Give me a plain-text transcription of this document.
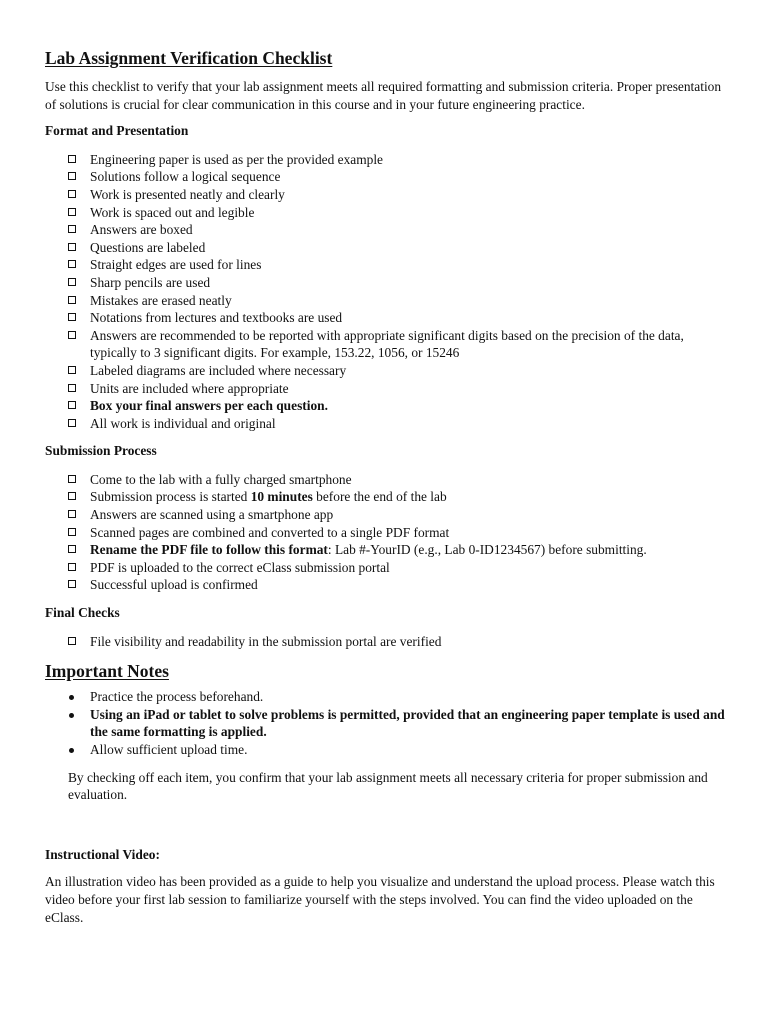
Lab Assignment Verification Checklist

Use this checklist to verify that your lab assignment meets all required formatting and submission criteria. Proper presentation of solutions is crucial for clear communication in this course and in your future engineering practice.

Format and Presentation
Engineering paper is used as per the provided example
Solutions follow a logical sequence
Work is presented neatly and clearly
Work is spaced out and legible
Answers are boxed
Questions are labeled
Straight edges are used for lines
Sharp pencils are used
Mistakes are erased neatly
Notations from lectures and textbooks are used
Answers are recommended to be reported with appropriate significant digits based on the precision of the data, typically to 3 significant digits. For example, 153.22, 1056, or 15246
Labeled diagrams are included where necessary
Units are included where appropriate
Box your final answers per each question.
All work is individual and original
Submission Process
Come to the lab with a fully charged smartphone
Submission process is started 10 minutes before the end of the lab
Answers are scanned using a smartphone app
Scanned pages are combined and converted to a single PDF format
Rename the PDF file to follow this format: Lab #-YourID (e.g., Lab 0-ID1234567) before submitting.
PDF is uploaded to the correct eClass submission portal
Successful upload is confirmed
Final Checks
File visibility and readability in the submission portal are verified
Important Notes
Practice the process beforehand.
Using an iPad or tablet to solve problems is permitted, provided that an engineering paper template is used and the same formatting is applied.
Allow sufficient upload time.

By checking off each item, you confirm that your lab assignment meets all necessary criteria for proper submission and evaluation.

Instructional Video:

An illustration video has been provided as a guide to help you visualize and understand the upload process. Please watch this video before your first lab session to familiarize yourself with the steps involved. You can find the video uploaded on the eClass.
